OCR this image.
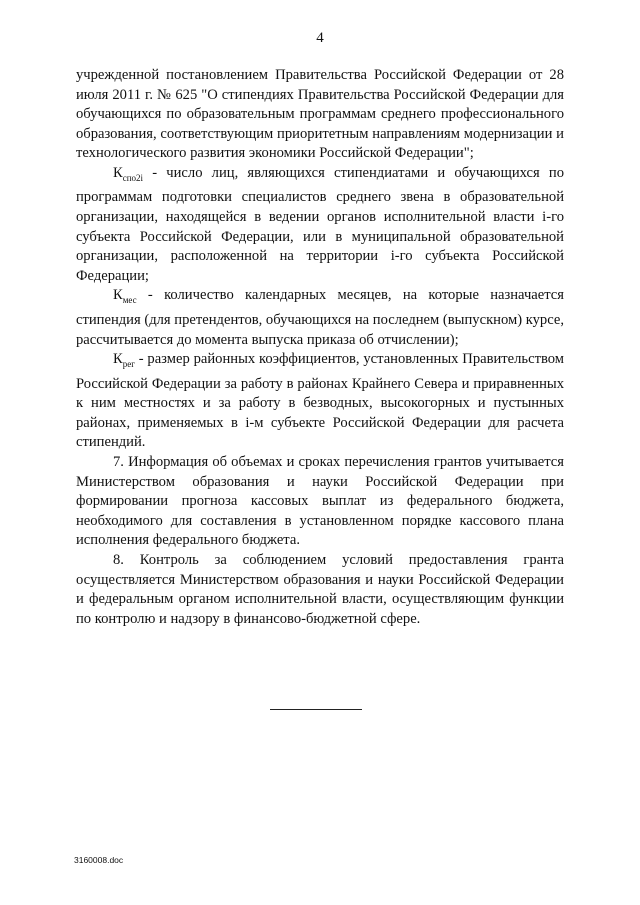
4

учрежденной постановлением Правительства Российской Федерации от 28 июля 2011 г. № 625 "О стипендиях Правительства Российской Федерации для обучающихся по образовательным программам среднего профессионального образования, соответствующим приоритетным направлениям модернизации и технологического развития экономики Российской Федерации";

$К_{спо2i}$ - число лиц, являющихся стипендиатами и обучающихся по программам подготовки специалистов среднего звена в образовательной организации, находящейся в ведении органов исполнительной власти i-го субъекта Российской Федерации, или в муниципальной образовательной организации, расположенной на территории i-го субъекта Российской Федерации;

$К_{мес}$ - количество календарных месяцев, на которые назначается стипендия (для претендентов, обучающихся на последнем (выпускном) курсе, рассчитывается до момента выпуска приказа об отчислении);

$К_{рег}$ - размер районных коэффициентов, установленных Правительством Российской Федерации за работу в районах Крайнего Севера и приравненных к ним местностях и за работу в безводных, высокогорных и пустынных районах, применяемых в i-м субъекте Российской Федерации для расчета стипендий.

7. Информация об объемах и сроках перечисления грантов учитывается Министерством образования и науки Российской Федерации при формировании прогноза кассовых выплат из федерального бюджета, необходимого для составления в установленном порядке кассового плана исполнения федерального бюджета.

8. Контроль за соблюдением условий предоставления гранта осуществляется Министерством образования и науки Российской Федерации и федеральным органом исполнительной власти, осуществляющим функции по контролю и надзору в финансово-бюджетной сфере.

3160008.doc
